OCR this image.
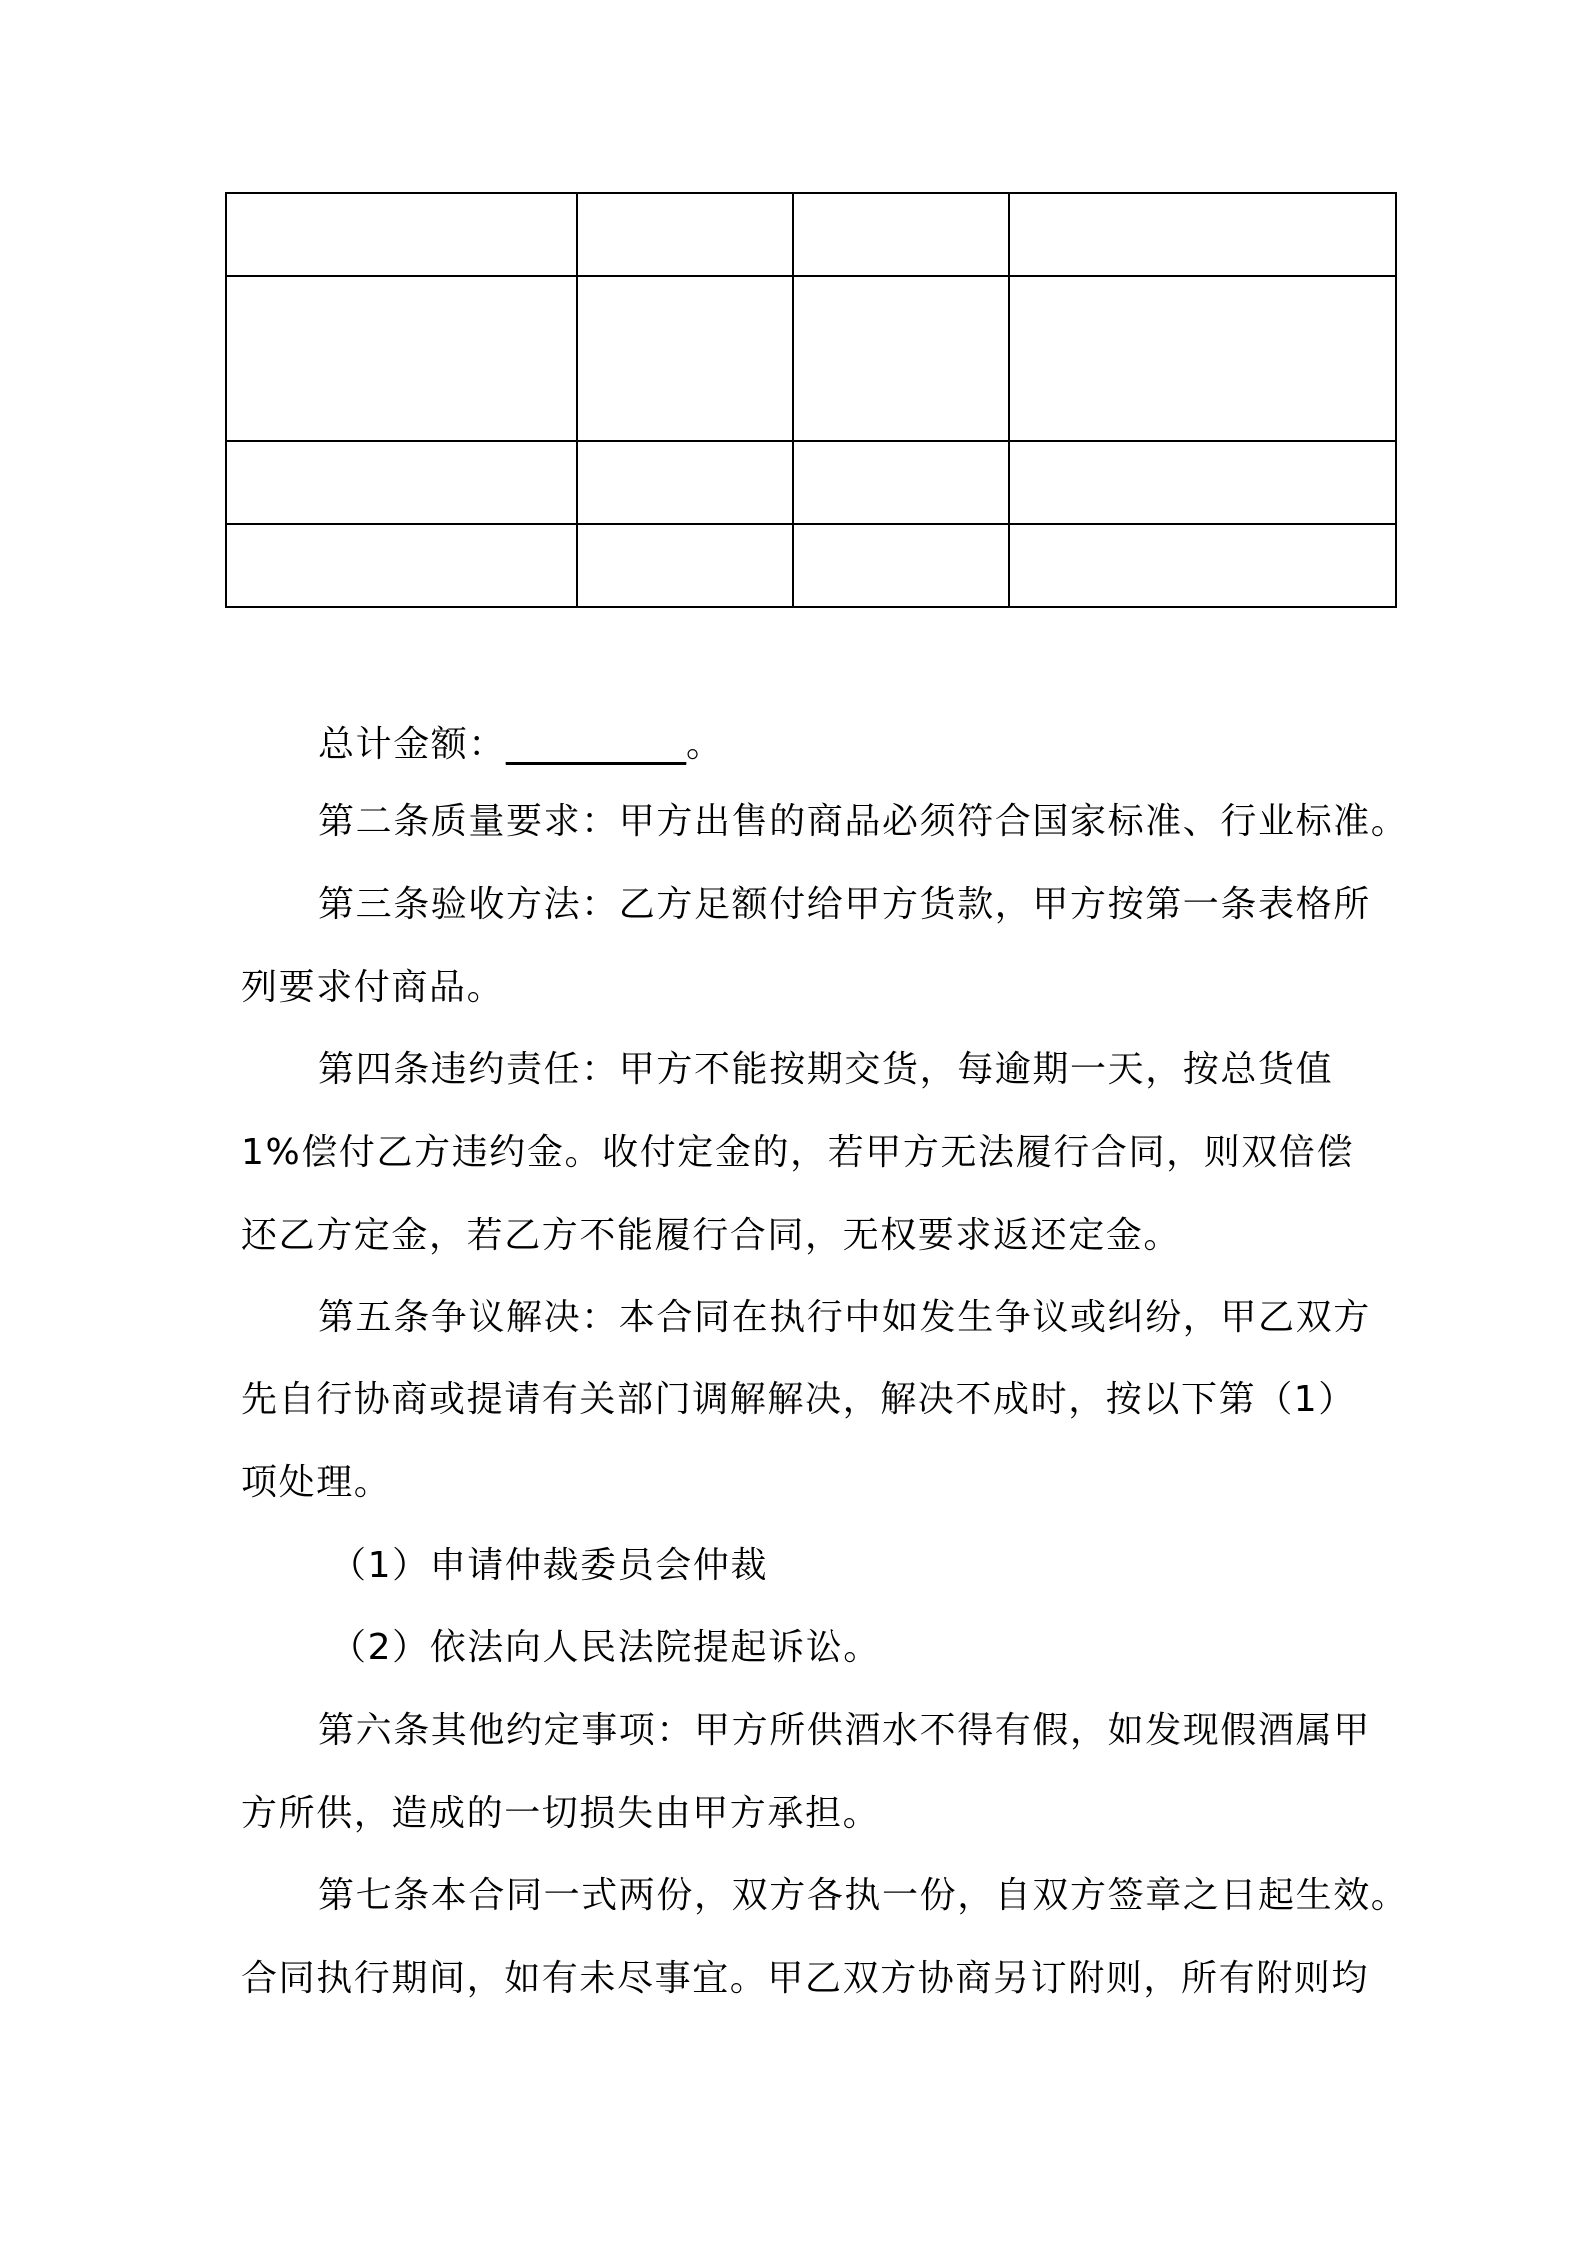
总计金额：__________。
第二条质量要求：甲方出售的商品必须符合国家标准、行业标准。
第三条验收方法：乙方足额付给甲方货款，甲方按第一条表格所
列要求付商品。
第四条违约责任：甲方不能按期交货，每逾期一天，按总货值
1%偿付乙方违约金。收付定金的，若甲方无法履行合同，则双倍偿
还乙方定金，若乙方不能履行合同，无权要求返还定金。
第五条争议解决：本合同在执行中如发生争议或纠纷，甲乙双方
先自行协商或提请有关部门调解解决，解决不成时，按以下第（1）
项处理。
（1）申请仲裁委员会仲裁
（2）依法向人民法院提起诉讼。
第六条其他约定事项：甲方所供酒水不得有假，如发现假酒属甲
方所供，造成的一切损失由甲方承担。
第七条本合同一式两份，双方各执一份，自双方签章之日起生效。
合同执行期间，如有未尽事宜。甲乙双方协商另订附则，所有附则均
